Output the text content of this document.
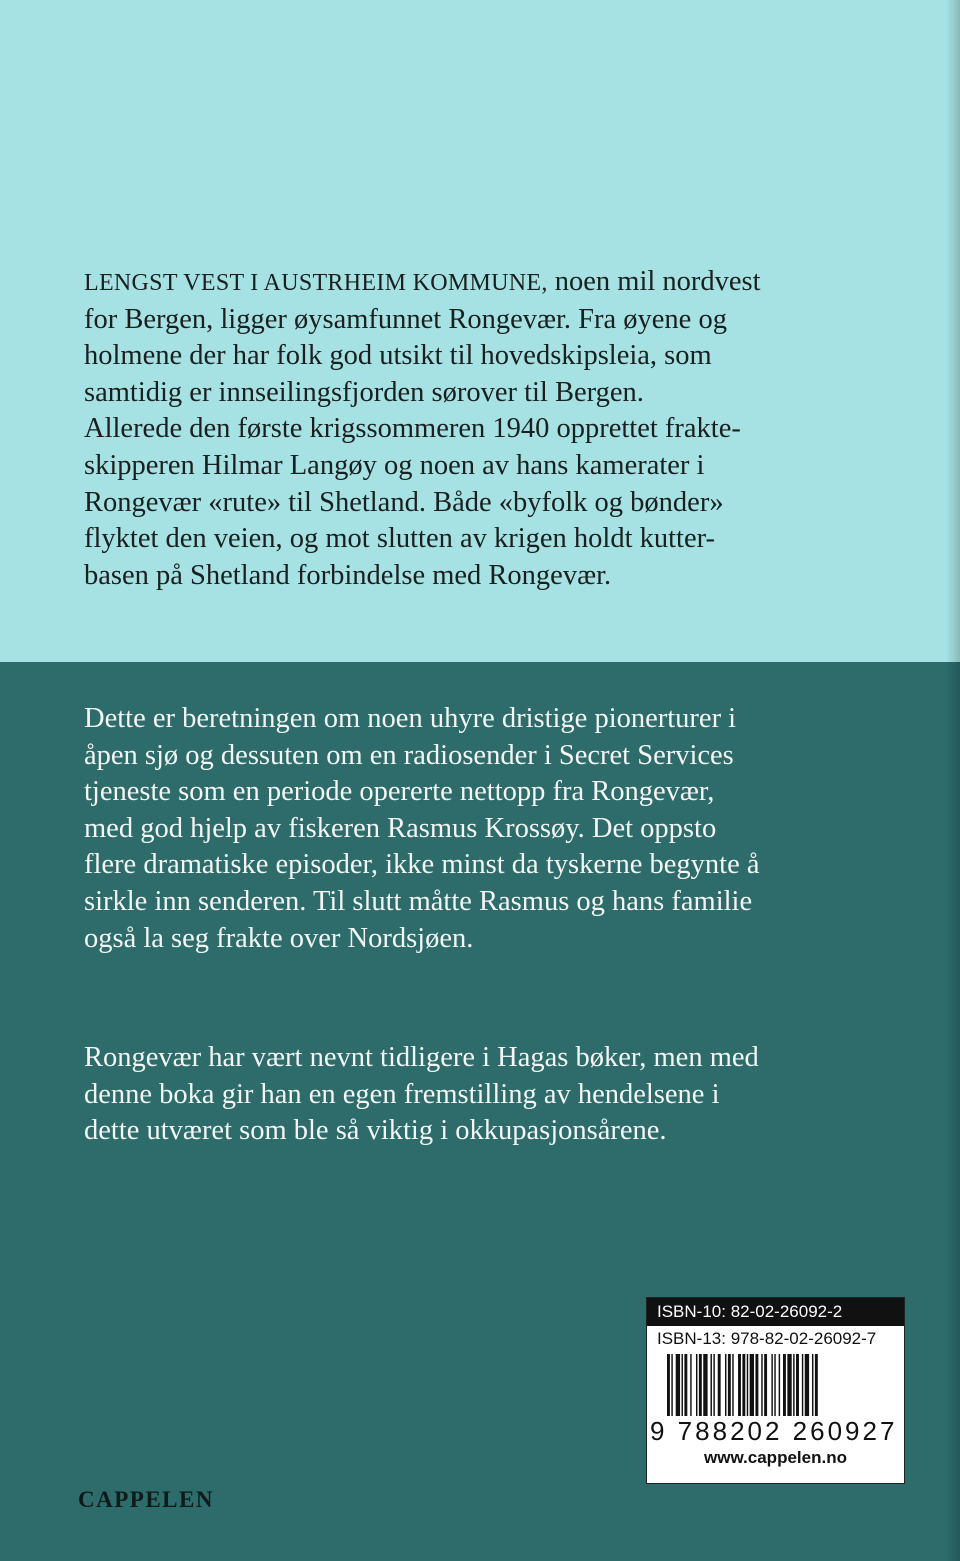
LENGST VEST I AUSTRHEIM KOMMUNE, noen mil nordvest
for Bergen, ligger øysamfunnet Rongevær. Fra øyene og
holmene der har folk god utsikt til hovedskipsleia, som
samtidig er innseilingsfjorden sørover til Bergen.
Allerede den første krigssommeren 1940 opprettet frakte-
skipperen Hilmar Langøy og noen av hans kamerater i
Rongevær «rute» til Shetland. Både «byfolk og bønder»
flyktet den veien, og mot slutten av krigen holdt kutter-
basen på Shetland forbindelse med Rongevær.

Dette er beretningen om noen uhyre dristige pionerturer i
åpen sjø og dessuten om en radiosender i Secret Services
tjeneste som en periode opererte nettopp fra Rongevær,
med god hjelp av fiskeren Rasmus Krossøy. Det oppsto
flere dramatiske episoder, ikke minst da tyskerne begynte å
sirkle inn senderen. Til slutt måtte Rasmus og hans familie
også la seg frakte over Nordsjøen.

Rongevær har vært nevnt tidligere i Hagas bøker, men med
denne boka gir han en egen fremstilling av hendelsene i
dette utværet som ble så viktig i okkupasjonsårene.

CAPPELEN

ISBN-10: 82-02-26092-2
ISBN-13: 978-82-02-26092-7
9 788202 260927
www.cappelen.no
